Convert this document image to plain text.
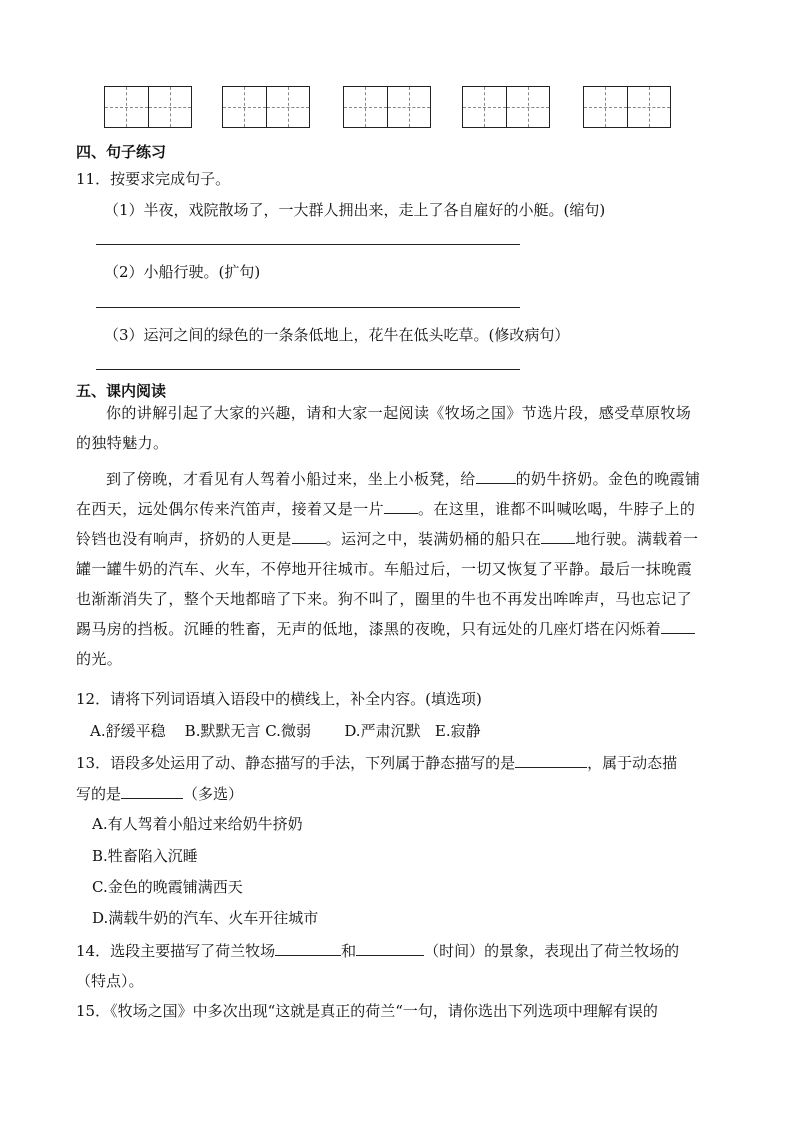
四、句子练习
11．按要求完成句子。
（1）半夜，戏院散场了，一大群人拥出来，走上了各自雇好的小艇。(缩句)
（2）小船行驶。(扩句)
（3）运河之间的绿色的一条条低地上，花牛在低头吃草。(修改病句）
五、课内阅读
你的讲解引起了大家的兴趣，请和大家一起阅读《牧场之国》节选片段，感受草原牧场
的独特魅力。
到了傍晚，才看见有人驾着小船过来，坐上小板凳，给	的奶牛挤奶。金色的晚霞铺
在西天，远处偶尔传来汽笛声，接着又是一片 。在这里，谁都不叫喊吆喝，牛脖子上的
铃铛也没有响声，挤奶的人更是 。运河之中，装满奶桶的船只在 地行驶。满载着一
罐一罐牛奶的汽车、火车，不停地开往城市。车船过后，一切又恢复了平静。最后一抹晚霞
也渐渐消失了，整个天地都暗了下来。狗不叫了，圈里的牛也不再发出哞哞声，马也忘记了
踢马房的挡板。沉睡的牲畜，无声的低地，漆黑的夜晚，只有远处的几座灯塔在闪烁着
的光。
12．请将下列词语填入语段中的横线上，补全内容。(填选项)
A.舒缓平稳    B.默默无言 C.微弱       D.严肃沉默   E.寂静
13．语段多处运用了动、静态描写的手法，下列属于静态描写的是	，属于动态描
写的是	（多选）
A.有人驾着小船过来给奶牛挤奶
B.牲畜陷入沉睡
C.金色的晚霞铺满西天
D.满载牛奶的汽车、火车开往城市
14．选段主要描写了荷兰牧场	和	（时间）的景象，表现出了荷兰牧场的
（特点）。
15．《牧场之国》中多次出现“这就是真正的荷兰“一句，请你选出下列选项中理解有误的
